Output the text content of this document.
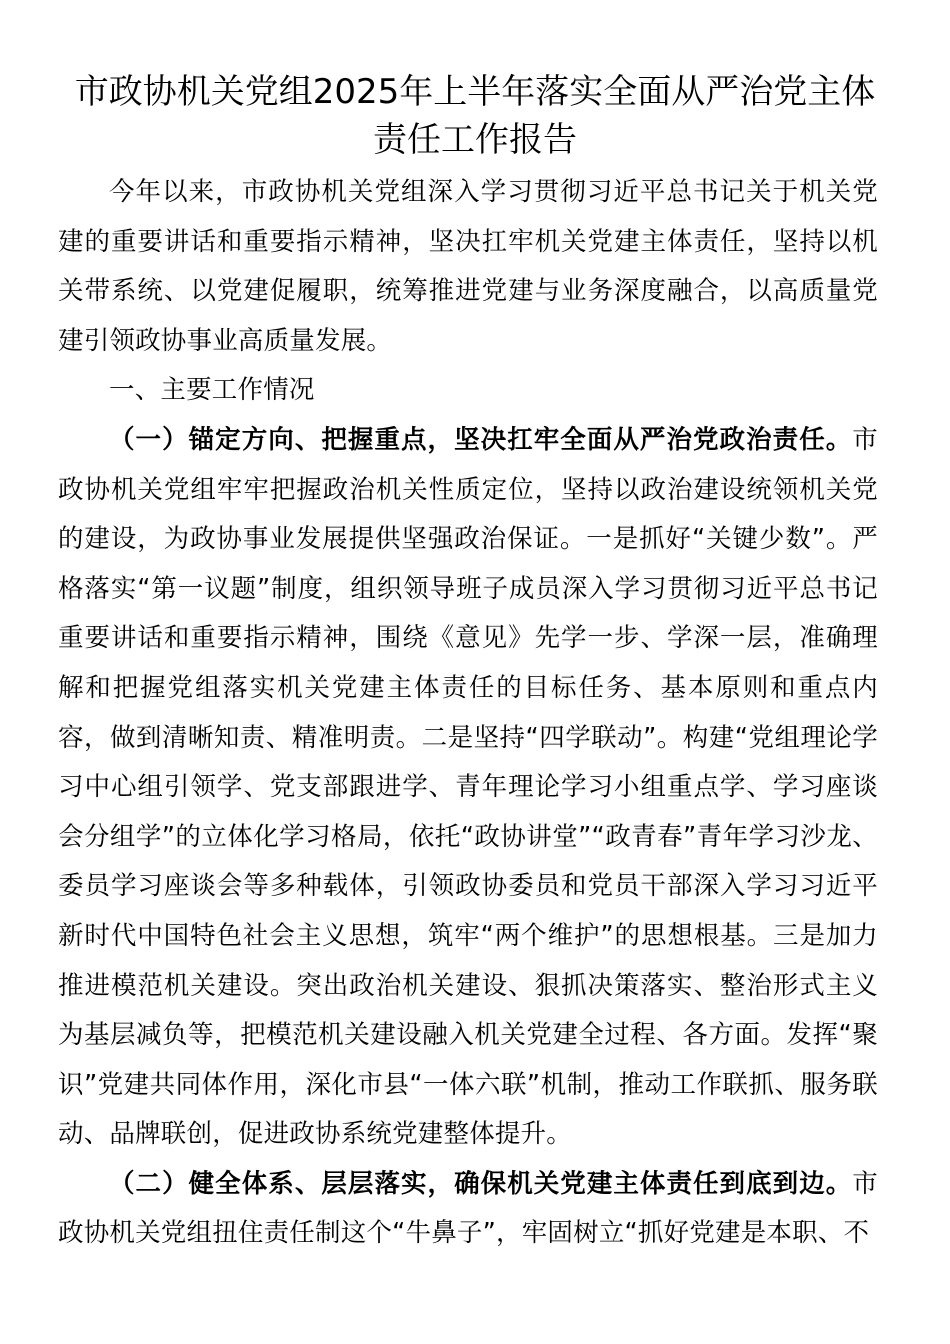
市政协机关党组2025年上半年落实全面从严治党主体责任工作报告

今年以来，市政协机关党组深入学习贯彻习近平总书记关于机关党建的重要讲话和重要指示精神，坚决扛牢机关党建主体责任，坚持以机关带系统、以党建促履职，统筹推进党建与业务深度融合，以高质量党建引领政协事业高质量发展。

一、主要工作情况

（一）锚定方向、把握重点，坚决扛牢全面从严治党政治责任。市政协机关党组牢牢把握政治机关性质定位，坚持以政治建设统领机关党的建设，为政协事业发展提供坚强政治保证。一是抓好“关键少数”。严格落实“第一议题”制度，组织领导班子成员深入学习贯彻习近平总书记重要讲话和重要指示精神，围绕《意见》先学一步、学深一层，准确理解和把握党组落实机关党建主体责任的目标任务、基本原则和重点内容，做到清晰知责、精准明责。二是坚持“四学联动”。构建“党组理论学习中心组引领学、党支部跟进学、青年理论学习小组重点学、学习座谈会分组学”的立体化学习格局，依托“政协讲堂”“政青春”青年学习沙龙、委员学习座谈会等多种载体，引领政协委员和党员干部深入学习习近平新时代中国特色社会主义思想，筑牢“两个维护”的思想根基。三是加力推进模范机关建设。突出政治机关建设、狠抓决策落实、整治形式主义为基层减负等，把模范机关建设融入机关党建全过程、各方面。发挥“聚识”党建共同体作用，深化市县“一体六联”机制，推动工作联抓、服务联动、品牌联创，促进政协系统党建整体提升。

（二）健全体系、层层落实，确保机关党建主体责任到底到边。市政协机关党组扭住责任制这个“牛鼻子”，牢固树立“抓好党建是本职、不
